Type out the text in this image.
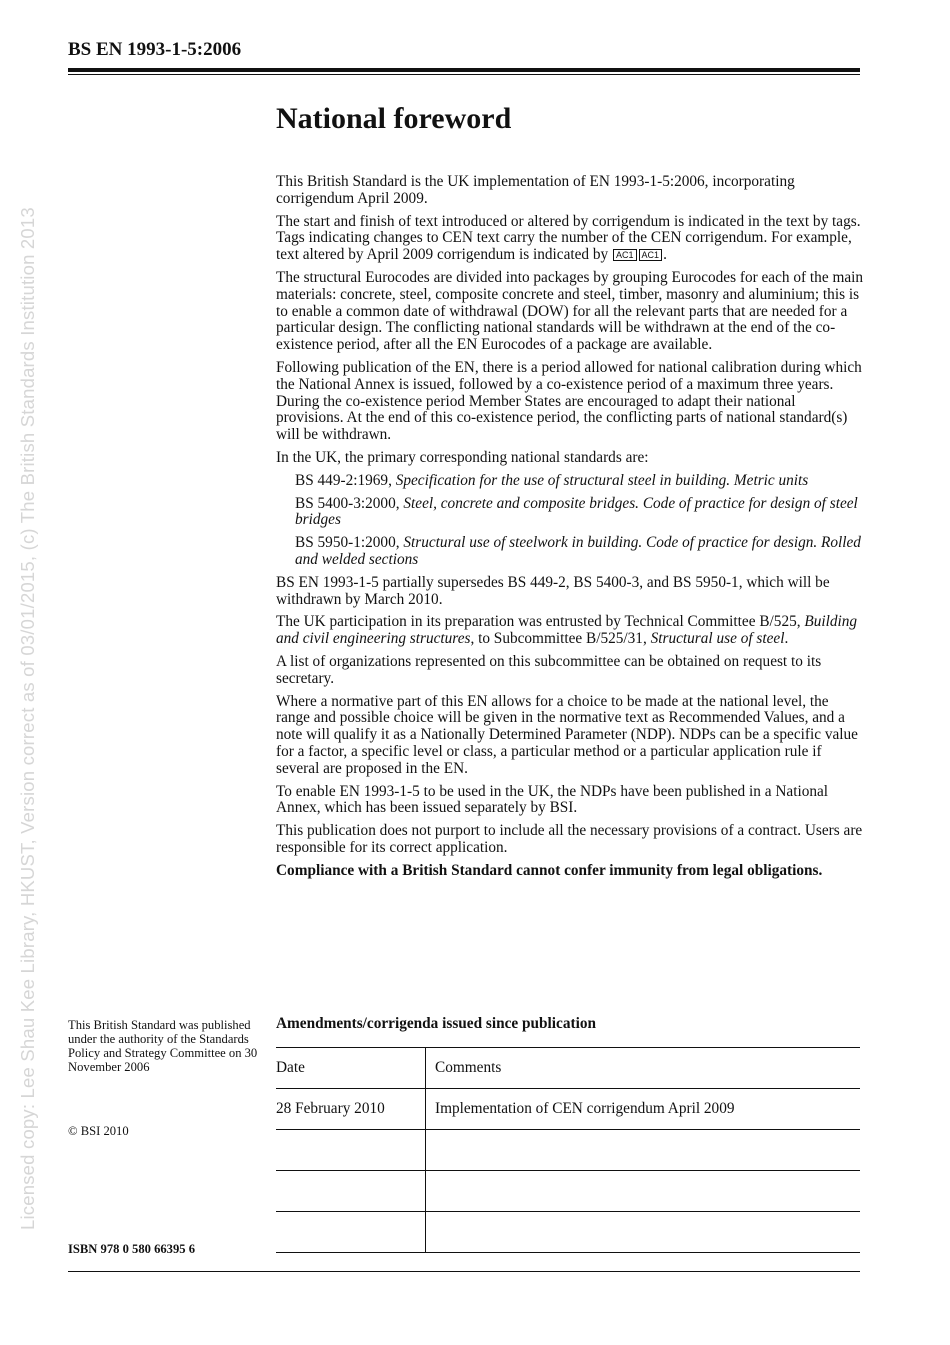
BS EN 1993-1-5:2006
Licensed copy: Lee Shau Kee Library, HKUST, Version correct as of 03/01/2015, (c) The British Standards Institution 2013
National foreword

This British Standard is the UK implementation of EN 1993-1-5:2006, incorporating corrigendum April 2009.

The start and finish of text introduced or altered by corrigendum is indicated in the text by tags. Tags indicating changes to CEN text carry the number of the CEN corrigendum. For example, text altered by April 2009 corrigendum is indicated by AC1 AC1 .

The structural Eurocodes are divided into packages by grouping Eurocodes for each of the main materials: concrete, steel, composite concrete and steel, timber, masonry and aluminium; this is to enable a common date of withdrawal (DOW) for all the relevant parts that are needed for a particular design. The conflicting national standards will be withdrawn at the end of the co-existence period, after all the EN Eurocodes of a package are available.

Following publication of the EN, there is a period allowed for national calibration during which the National Annex is issued, followed by a co-existence period of a maximum three years. During the co-existence period Member States are encouraged to adapt their national provisions. At the end of this co-existence period, the conflicting parts of national standard(s) will be withdrawn.

In the UK, the primary corresponding national standards are:

BS 449-2:1969, Specification for the use of structural steel in building. Metric units

BS 5400-3:2000, Steel, concrete and composite bridges. Code of practice for design of steel bridges

BS 5950-1:2000, Structural use of steelwork in building. Code of practice for design. Rolled and welded sections

BS EN 1993-1-5 partially supersedes BS 449-2, BS 5400-3, and BS 5950-1, which will be withdrawn by March 2010.

The UK participation in its preparation was entrusted by Technical Committee B/525, Building and civil engineering structures, to Subcommittee B/525/31, Structural use of steel.

A list of organizations represented on this subcommittee can be obtained on request to its secretary.

Where a normative part of this EN allows for a choice to be made at the national level, the range and possible choice will be given in the normative text as Recommended Values, and a note will qualify it as a Nationally Determined Parameter (NDP). NDPs can be a specific value for a factor, a specific level or class, a particular method or a particular application rule if several are proposed in the EN.

To enable EN 1993-1-5 to be used in the UK, the NDPs have been published in a National Annex, which has been issued separately by BSI.

This publication does not purport to include all the necessary provisions of a contract. Users are responsible for its correct application.

Compliance with a British Standard cannot confer immunity from legal obligations.

This British Standard was published under the authority of the Standards Policy and Strategy Committee on 30 November 2006

© BSI 2010

ISBN 978 0 580 66395 6

Amendments/corrigenda issued since publication
Date	Comments
28 February 2010	Implementation of CEN corrigendum April 2009
